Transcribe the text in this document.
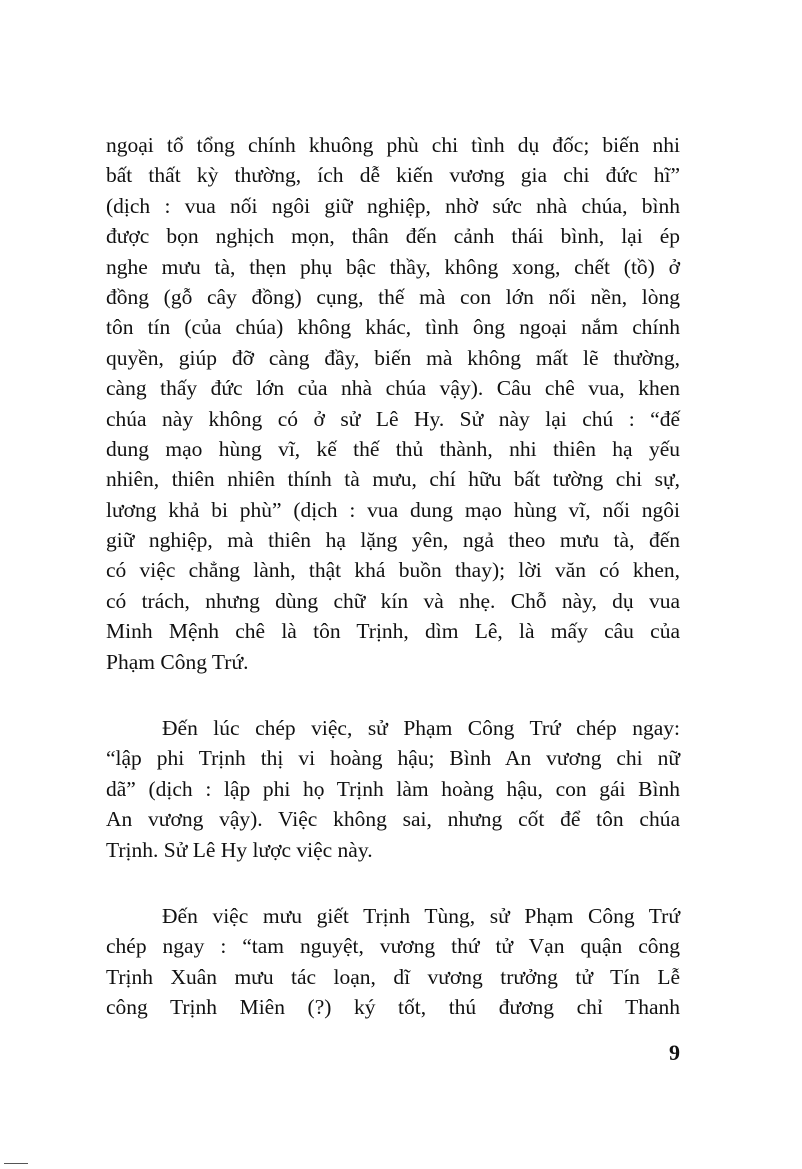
ngoại tổ tổng chính khuông phù chi tình dụ đốc; biến nhi
bất thất kỳ thường, ích dễ kiến vương gia chi đức hĩ”
(dịch : vua nối ngôi giữ nghiệp, nhờ sức nhà chúa, bình
được bọn nghịch mọn, thân đến cảnh thái bình, lại ép
nghe mưu tà, thẹn phụ bậc thầy, không xong, chết (tồ) ở
đồng (gỗ cây đồng) cụng, thế mà con lớn nối nền, lòng
tôn tín (của chúa) không khác, tình ông ngoại nắm chính
quyền, giúp đỡ càng đầy, biến mà không mất lẽ thường,
càng thấy đức lớn của nhà chúa vậy). Câu chê vua, khen
chúa này không có ở sử Lê Hy. Sử này lại chú : “đế
dung mạo hùng vĩ, kế thế thủ thành, nhi thiên hạ yếu
nhiên, thiên nhiên thính tà mưu, chí hữu bất tường chi sự,
lương khả bi phù” (dịch : vua dung mạo hùng vĩ, nối ngôi
giữ nghiệp, mà thiên hạ lặng yên, ngả theo mưu tà, đến
có việc chẳng lành, thật khá buồn thay); lời văn có khen,
có trách, nhưng dùng chữ kín và nhẹ. Chỗ này, dụ vua
Minh Mệnh chê là tôn Trịnh, dìm Lê, là mấy câu của
Phạm Công Trứ.
Đến lúc chép việc, sử Phạm Công Trứ chép ngay:
“lập phi Trịnh thị vi hoàng hậu; Bình An vương chi nữ
dã” (dịch : lập phi họ Trịnh làm hoàng hậu, con gái Bình
An vương vậy). Việc không sai, nhưng cốt để tôn chúa
Trịnh. Sử Lê Hy lược việc này.
Đến việc mưu giết Trịnh Tùng, sử Phạm Công Trứ
chép ngay : “tam nguyệt, vương thứ tử Vạn quận công
Trịnh Xuân mưu tác loạn, dĩ vương trưởng tử Tín Lễ
công Trịnh Miên (?) ký tốt, thú đương chỉ Thanh
9
